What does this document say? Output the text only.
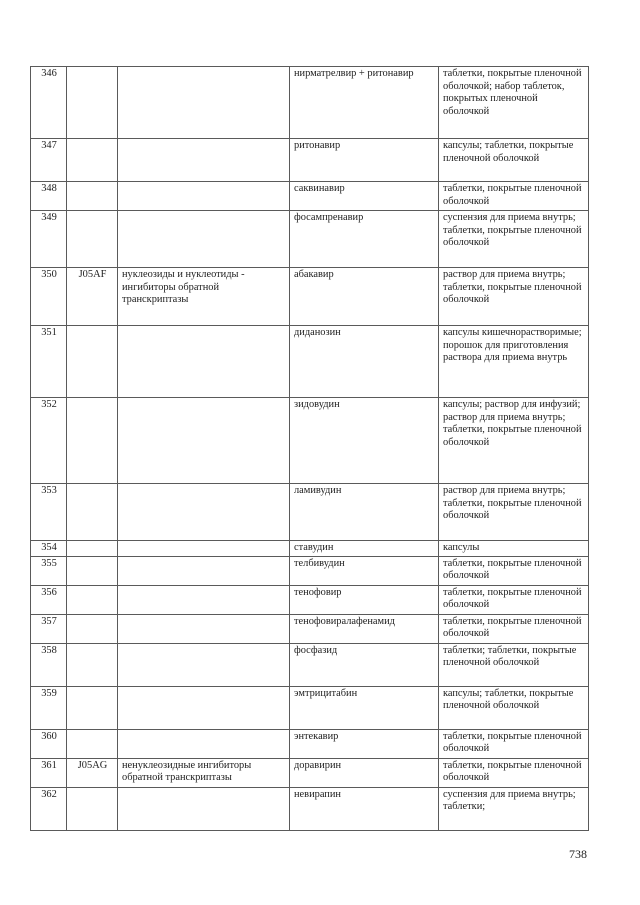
346			нирматрелвир + ритонавир	таблетки, покрытые пленочной оболочкой; набор таблеток, покрытых пленочной оболочкой
347			ритонавир	капсулы; таблетки, покрытые пленочной оболочкой
348			саквинавир	таблетки, покрытые пленочной оболочкой
349			фосампренавир	суспензия для приема внутрь; таблетки, покрытые пленочной оболочкой
350	J05AF	нуклеозиды и нуклеотиды - ингибиторы обратной транскриптазы	абакавир	раствор для приема внутрь; таблетки, покрытые пленочной оболочкой
351			диданозин	капсулы кишечнорастворимые; порошок для приготовления раствора для приема внутрь
352			зидовудин	капсулы; раствор для инфузий; раствор для приема внутрь; таблетки, покрытые пленочной оболочкой
353			ламивудин	раствор для приема внутрь; таблетки, покрытые пленочной оболочкой
354			ставудин	капсулы
355			телбивудин	таблетки, покрытые пленочной оболочкой
356			тенофовир	таблетки, покрытые пленочной оболочкой
357			тенофовиралафенамид	таблетки, покрытые пленочной оболочкой
358			фосфазид	таблетки; таблетки, покрытые пленочной оболочкой
359			эмтрицитабин	капсулы; таблетки, покрытые пленочной оболочкой
360			энтекавир	таблетки, покрытые пленочной оболочкой
361	J05AG	ненуклеозидные ингибиторы обратной транскриптазы	доравирин	таблетки, покрытые пленочной оболочкой
362			невирапин	суспензия для приема внутрь; таблетки;
738
